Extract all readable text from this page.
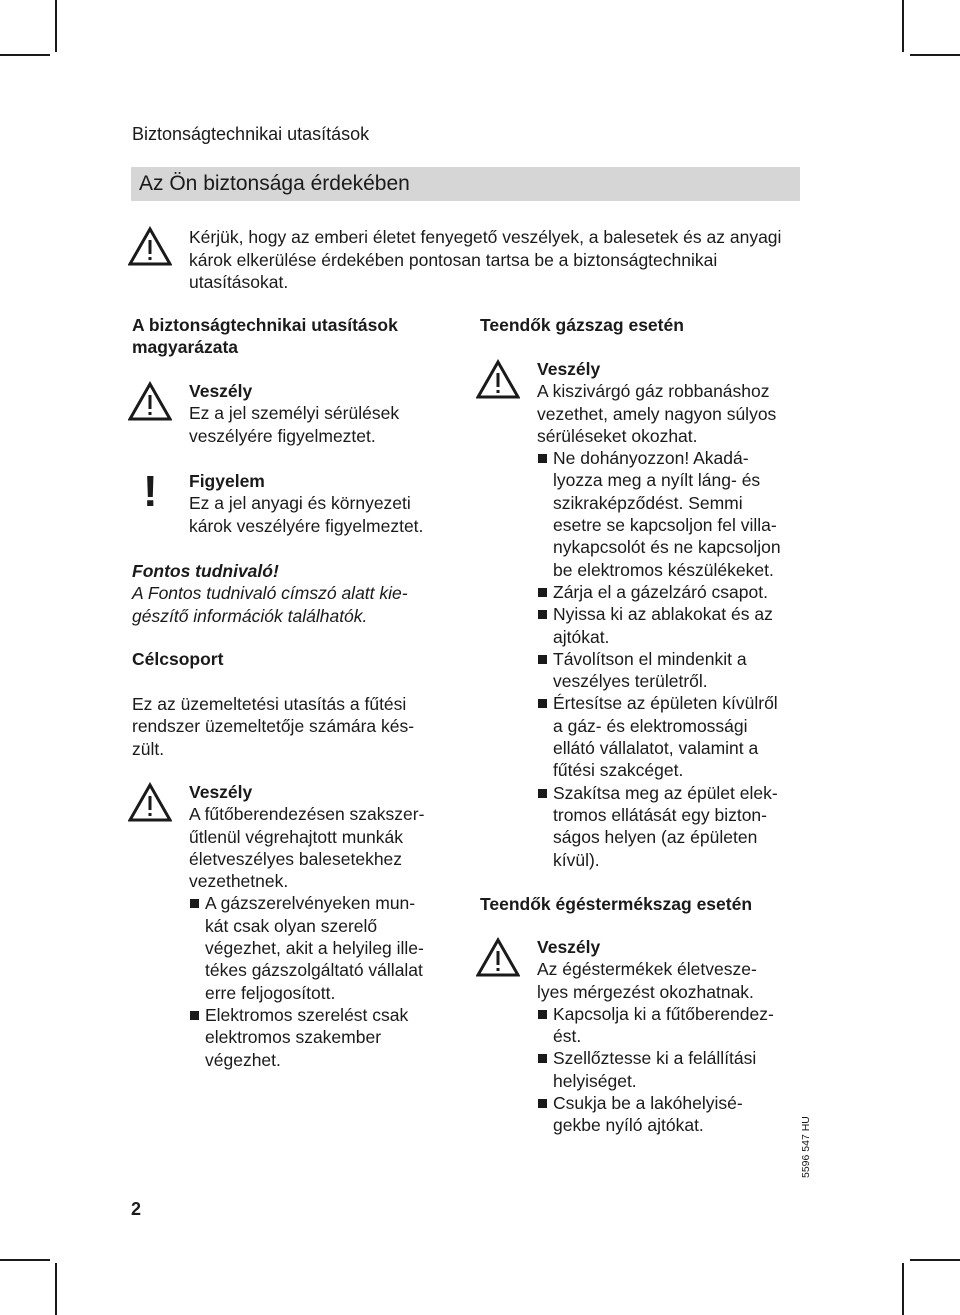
Biztonságtechnikai utasítások
Az Ön biztonsága érdekében
Kérjük, hogy az emberi életet fenyegető veszélyek, a balesetek és az anyagi károk elkerülése érdekében pontosan tartsa be a biztonságtechnikai utasításokat.
A biztonságtechnikai utasítások
magyarázata
Veszély
Ez a jel személyi sérülések
veszélyére figyelmeztet.
! Figyelem
Ez a jel anyagi és környezeti
károk veszélyére figyelmeztet.
Fontos tudnivaló!
A Fontos tudnivaló címszó alatt kie-
gészítő információk találhatók.
Célcsoport
Ez az üzemeltetési utasítás a fűtési
rendszer üzemeltetője számára kés-
zült.
Veszély
A fűtőberendezésen szakszer-
űtlenül végrehajtott munkák
életveszélyes balesetekhez
vezethetnek.
A gázszerelvényeken mun-
kát csak olyan szerelő
végezhet, akit a helyileg ille-
tékes gázszolgáltató vállalat
erre feljogosított.
Elektromos szerelést csak
elektromos szakember
végezhet.
Teendők gázszag esetén
Veszély
A kiszivárgó gáz robbanáshoz
vezethet, amely nagyon súlyos
sérüléseket okozhat.
Ne dohányozzon! Akadá-
lyozza meg a nyílt láng- és
szikraképződést. Semmi
esetre se kapcsoljon fel villa-
nykapcsolót és ne kapcsoljon
be elektromos készülékeket.
Zárja el a gázelzáró csapot.
Nyissa ki az ablakokat és az
ajtókat.
Távolítson el mindenkit a
veszélyes területről.
Értesítse az épületen kívülről
a gáz- és elektromossági
ellátó vállalatot, valamint a
fűtési szakcéget.
Szakítsa meg az épület elek-
tromos ellátását egy bizton-
ságos helyen (az épületen
kívül).
Teendők égéstermékszag esetén
Veszély
Az égéstermékek életvesze-
lyes mérgezést okozhatnak.
Kapcsolja ki a fűtőberendez-
ést.
Szellőztesse ki a felállítási
helyiséget.
Csukja be a lakóhelyisé-
gekbe nyíló ajtókat.
2
5596 547 HU
